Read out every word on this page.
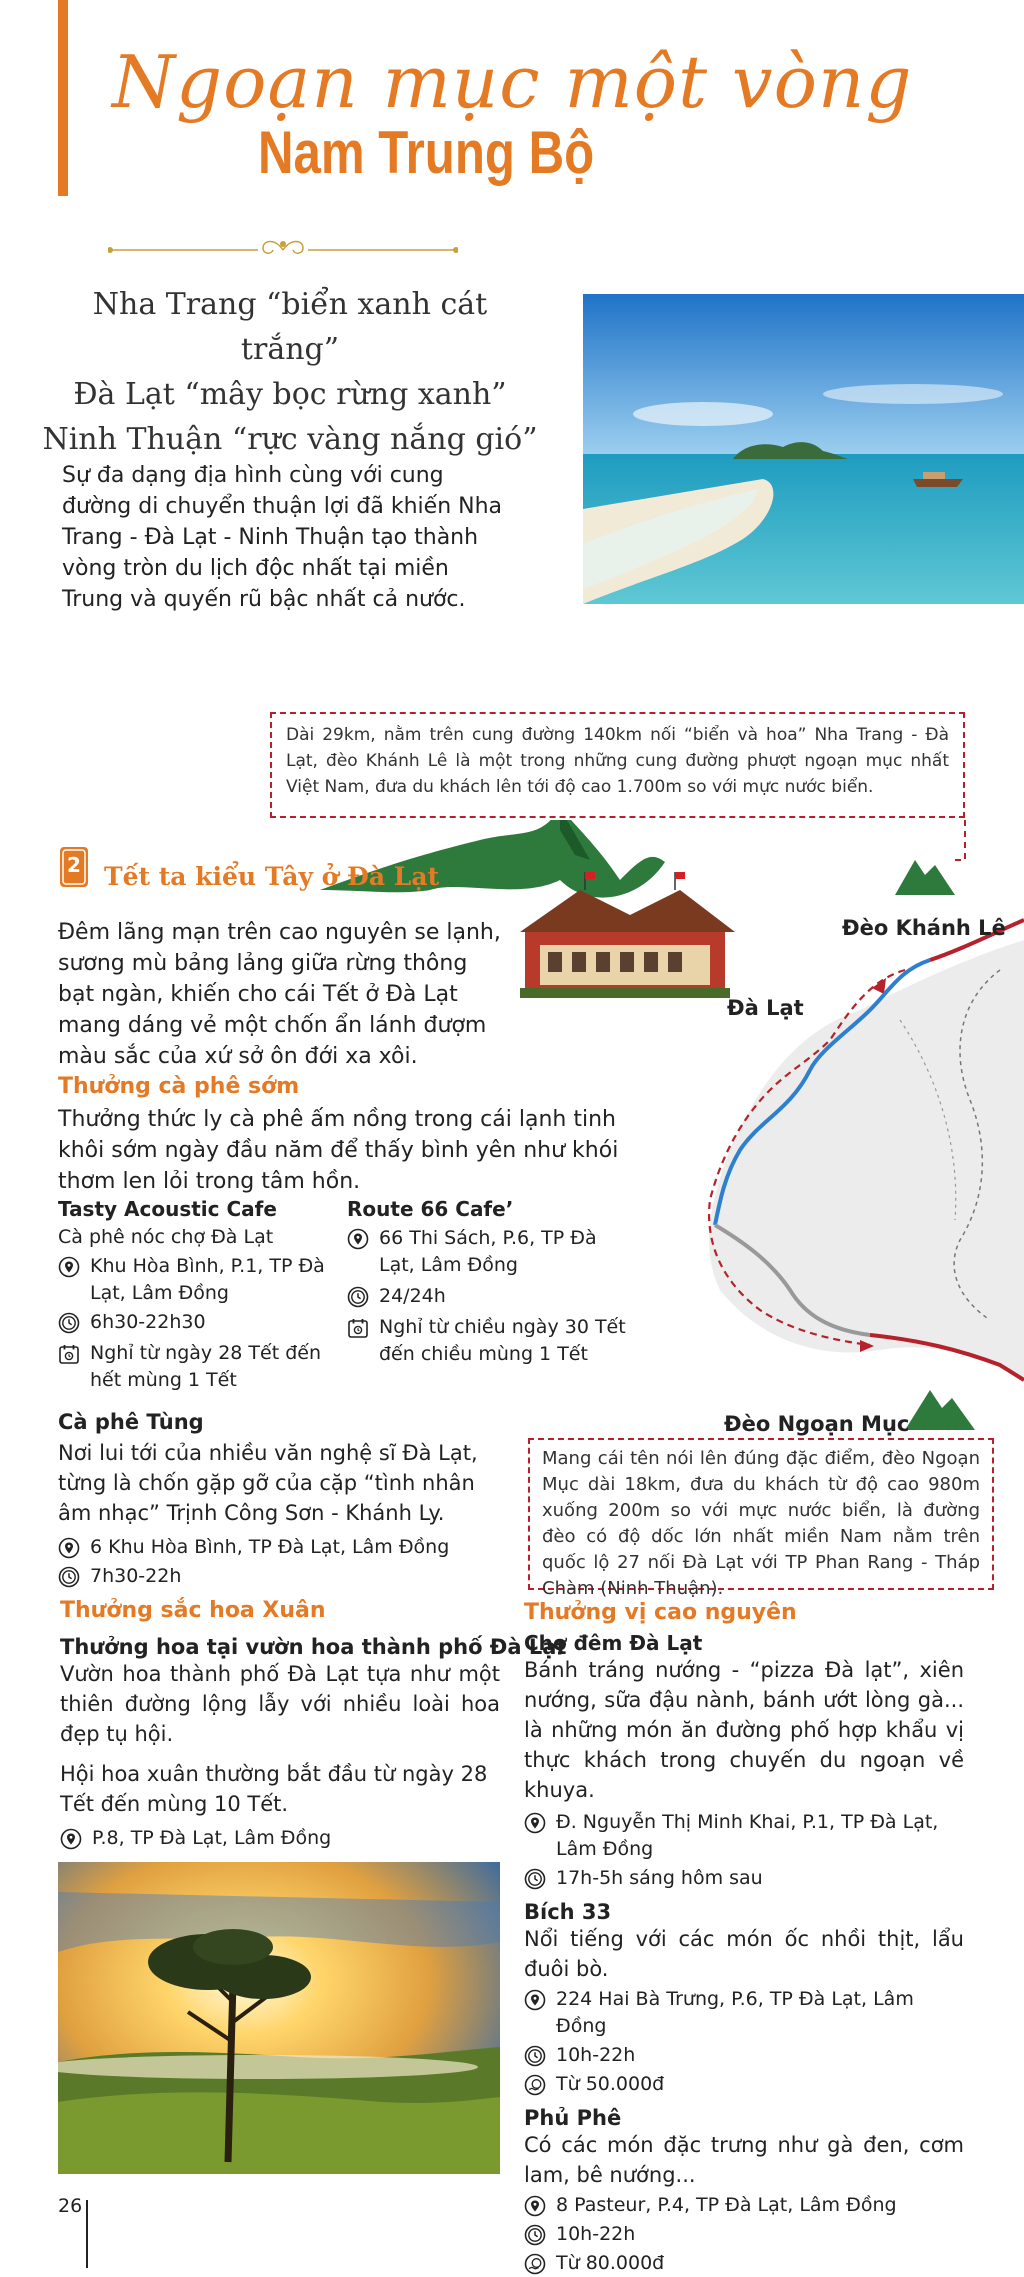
Ngoạn mục một vòng
Nam Trung Bộ
Nha Trang “biển xanh cát trắng”
Đà Lạt “mây bọc rừng xanh”
Ninh Thuận “rực vàng nắng gió”

Sự đa dạng địa hình cùng với cung đường di chuyển thuận lợi đã khiến Nha Trang - Đà Lạt - Ninh Thuận tạo thành vòng tròn du lịch độc nhất tại miền Trung và quyến rũ bậc nhất cả nước.

Dài 29km, nằm trên cung đường 140km nối “biển và hoa” Nha Trang - Đà Lạt, đèo Khánh Lê là một trong những cung đường phượt ngoạn mục nhất Việt Nam, đưa du khách lên tới độ cao 1.700m so với mực nước biển.
Đèo Khánh Lê
Đà Lạt
Đèo Ngoạn Mục
Mang cái tên nói lên đúng đặc điểm, đèo Ngoạn Mục dài 18km, đưa du khách từ độ cao 980m xuống 200m so với mực nước biển, là đường đèo có độ dốc lớn nhất miền Nam nằm trên quốc lộ 27 nối Đà Lạt với TP Phan Rang - Tháp Chàm (Ninh Thuận).
2 Tết ta kiểu Tây ở Đà Lạt

Đêm lãng mạn trên cao nguyên se lạnh, sương mù bảng lảng giữa rừng thông bạt ngàn, khiến cho cái Tết ở Đà Lạt mang dáng vẻ một chốn ẩn lánh đượm màu sắc của xứ sở ôn đới xa xôi.

Thưởng cà phê sớm

Thưởng thức ly cà phê ấm nồng trong cái lạnh tinh khôi sớm ngày đầu năm để thấy bình yên như khói thơm len lỏi trong tâm hồn.

Tasty Acoustic Cafe
Cà phê nóc chợ Đà Lạt
Khu Hòa Bình, P.1, TP Đà Lạt, Lâm Đồng
6h30-22h30
Nghỉ từ ngày 28 Tết đến hết mùng 1 Tết
Route 66 Cafe’
66 Thi Sách, P.6, TP Đà Lạt, Lâm Đồng
24/24h
Nghỉ từ chiều ngày 30 Tết đến chiều mùng 1 Tết
Cà phê Tùng

Nơi lui tới của nhiều văn nghệ sĩ Đà Lạt, từng là chốn gặp gỡ của cặp “tình nhân âm nhạc” Trịnh Công Sơn - Khánh Ly.

6 Khu Hòa Bình, TP Đà Lạt, Lâm Đồng
7h30-22h
Thưởng sắc hoa Xuân
Thưởng hoa tại vườn hoa thành phố Đà Lạt

Vườn hoa thành phố Đà Lạt tựa như một thiên đường lộng lẫy với nhiều loài hoa đẹp tụ hội.

Hội hoa xuân thường bắt đầu từ ngày 28 Tết đến mùng 10 Tết.

P.8, TP Đà Lạt, Lâm Đồng
Thưởng vị cao nguyên
Chợ đêm Đà Lạt

Bánh tráng nướng - “pizza Đà lạt”, xiên nướng, sữa đậu nành, bánh ướt lòng gà... là những món ăn đường phố hợp khẩu vị thực khách trong chuyến du ngoạn về khuya.

Đ. Nguyễn Thị Minh Khai, P.1, TP Đà Lạt, Lâm Đồng
17h-5h sáng hôm sau
Bích 33

Nổi tiếng với các món ốc nhồi thịt, lẩu đuôi bò.

224 Hai Bà Trưng, P.6, TP Đà Lạt, Lâm Đồng
10h-22h
Từ 50.000đ
Phủ Phê

Có các món đặc trưng như gà đen, cơm lam, bê nướng...

8 Pasteur, P.4, TP Đà Lạt, Lâm Đồng
10h-22h
Từ 80.000đ
26
